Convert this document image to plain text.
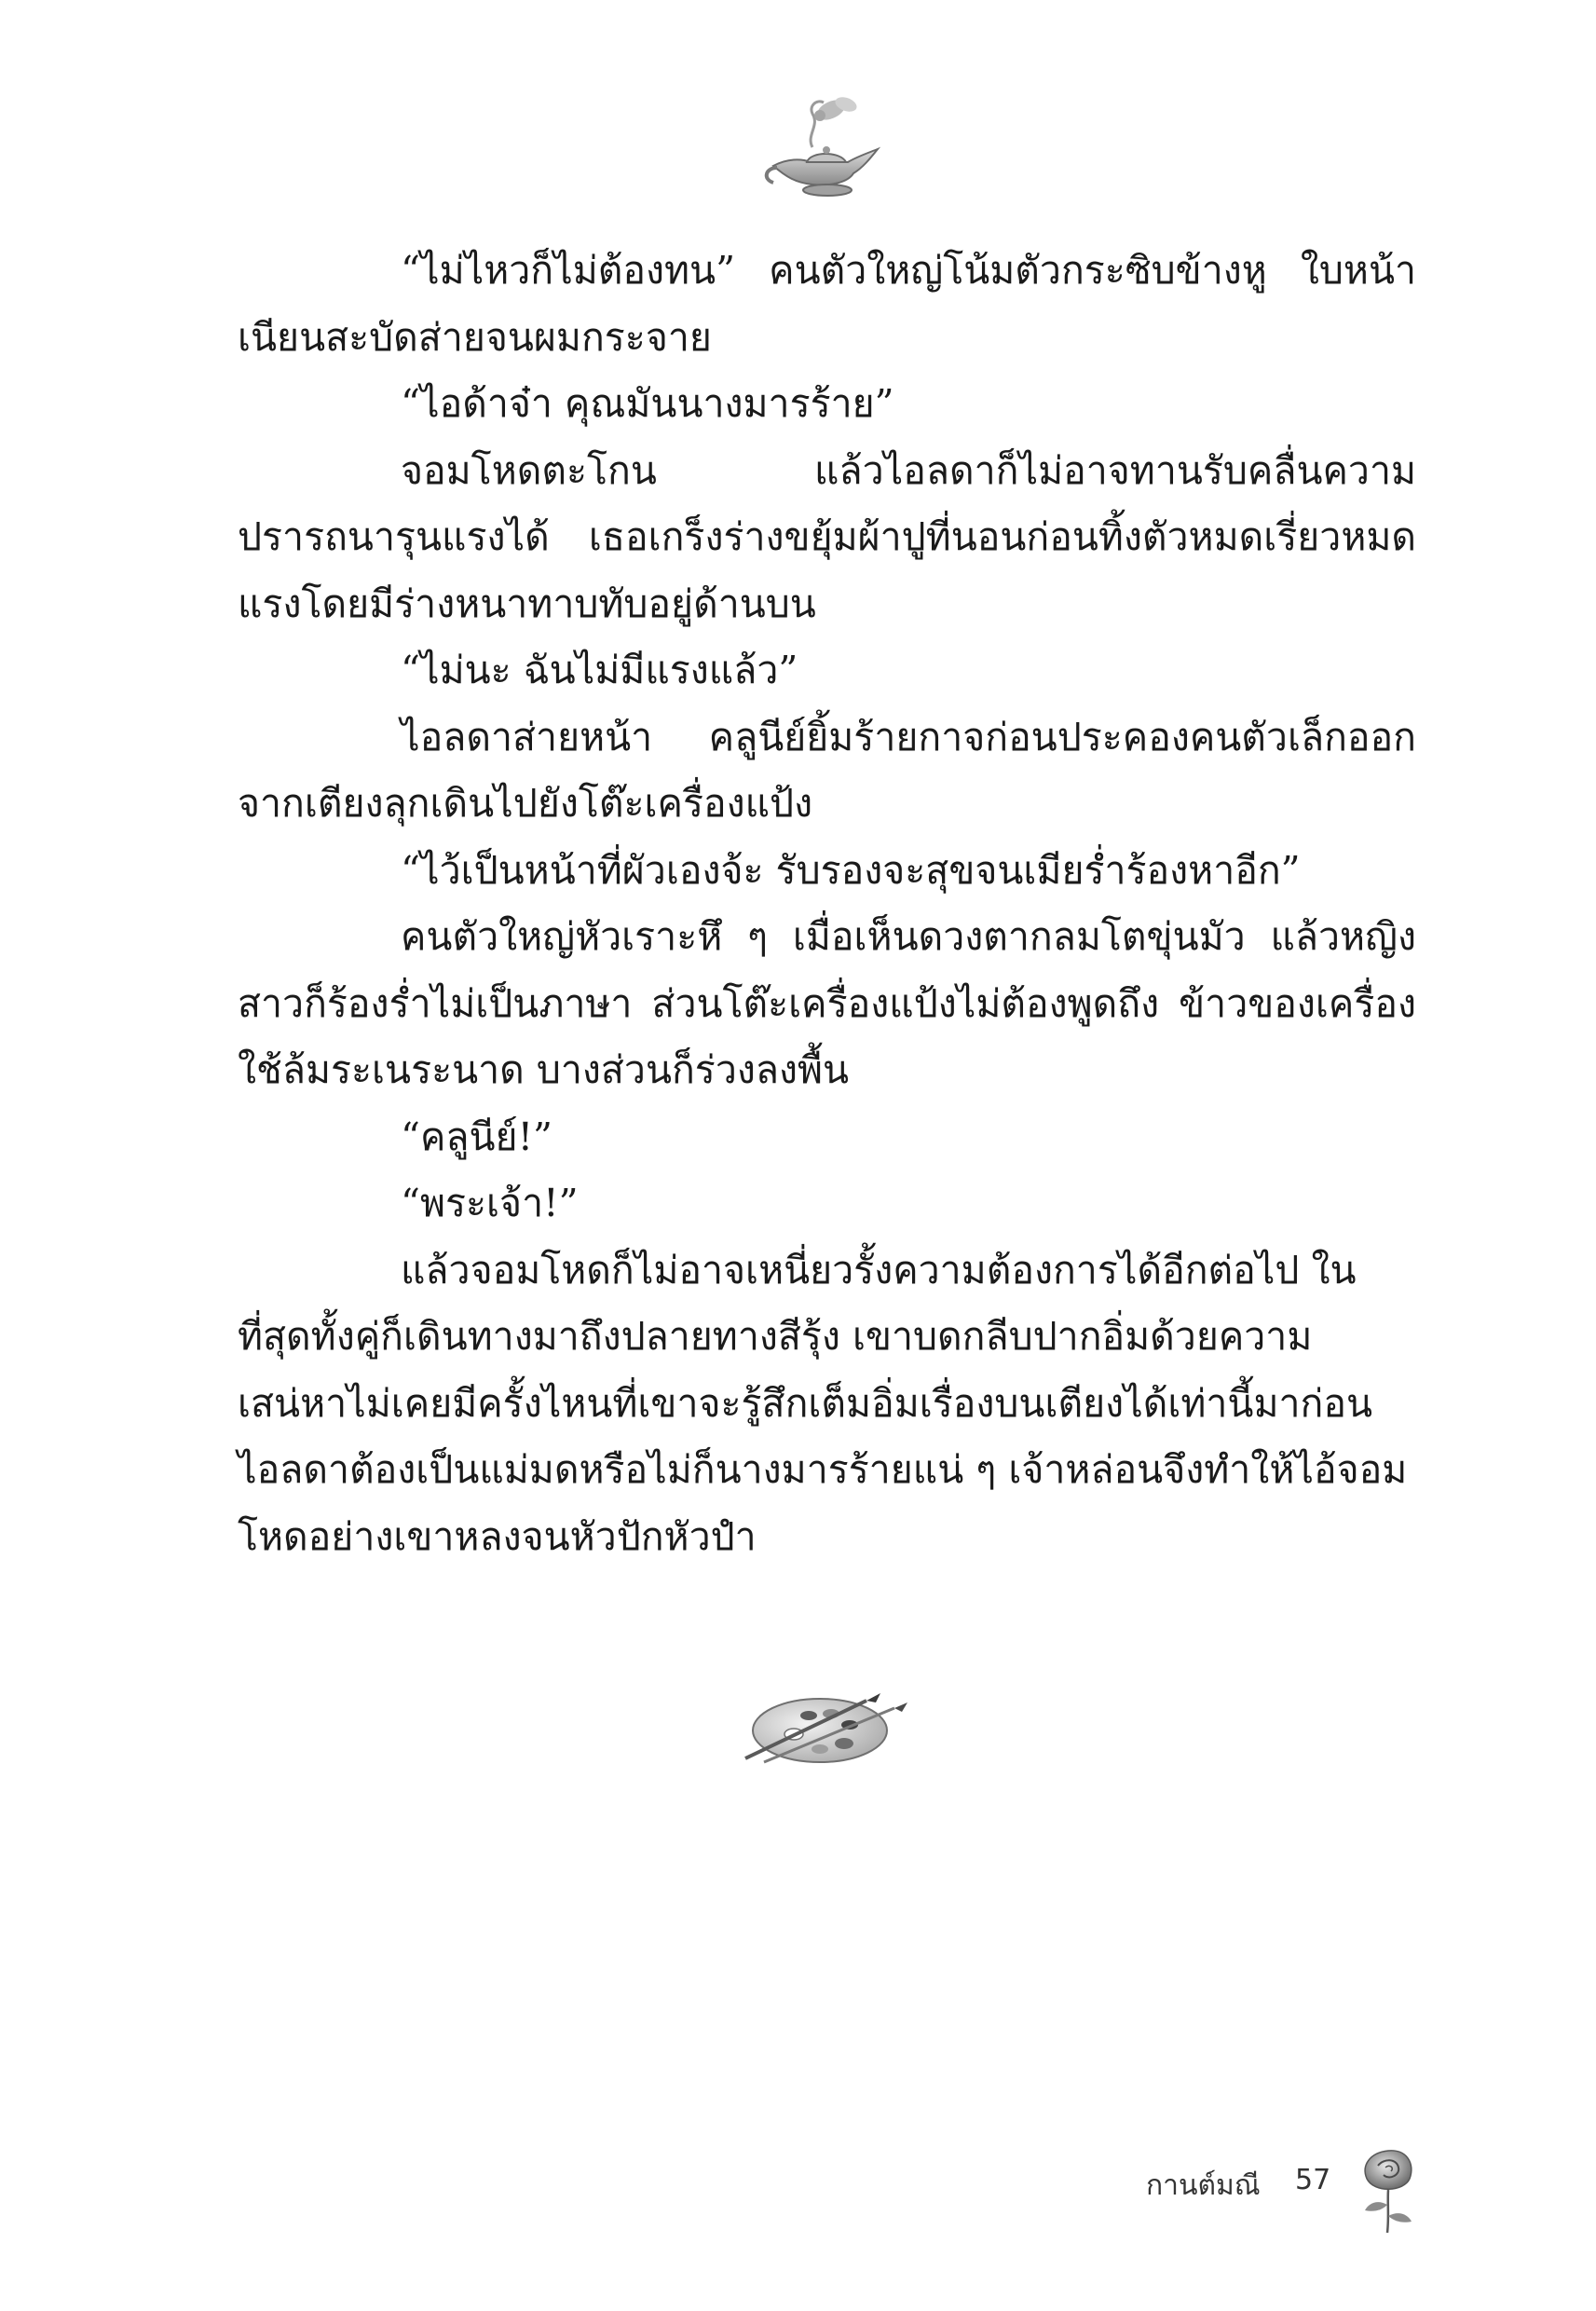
“ไม่ไหวก็ไม่ต้องทน” คนตัวใหญ่โน้มตัวกระซิบข้างหู ใบหน้าเนียนสะบัดส่ายจนผมกระจาย

“ไอด้าจ๋า คุณมันนางมารร้าย”

จอมโหดตะโกน แล้วไอลดาก็ไม่อาจทานรับคลื่นความปรารถนารุนแรงได้ เธอเกร็งร่างขยุ้มผ้าปูที่นอนก่อนทิ้งตัวหมดเรี่ยวหมดแรงโดยมีร่างหนาทาบทับอยู่ด้านบน

“ไม่นะ ฉันไม่มีแรงแล้ว”

ไอลดาส่ายหน้า คลูนีย์ยิ้มร้ายกาจก่อนประคองคนตัวเล็กออกจากเตียงลุกเดินไปยังโต๊ะเครื่องแป้ง

“ไว้เป็นหน้าที่ผัวเองจ้ะ รับรองจะสุขจนเมียร่ำร้องหาอีก”

คนตัวใหญ่หัวเราะหึ ๆ เมื่อเห็นดวงตากลมโตขุ่นมัว แล้วหญิงสาวก็ร้องร่ำไม่เป็นภาษา ส่วนโต๊ะเครื่องแป้งไม่ต้องพูดถึง ข้าวของเครื่องใช้ล้มระเนระนาด บางส่วนก็ร่วงลงพื้น

“คลูนีย์!”

“พระเจ้า!”

แล้วจอมโหดก็ไม่อาจเหนี่ยวรั้งความต้องการได้อีกต่อไป ในที่สุดทั้งคู่ก็เดินทางมาถึงปลายทางสีรุ้ง เขาบดกลีบปากอิ่มด้วยความเสน่หาไม่เคยมีครั้งไหนที่เขาจะรู้สึกเต็มอิ่มเรื่องบนเตียงได้เท่านี้มาก่อน ไอลดาต้องเป็นแม่มดหรือไม่ก็นางมารร้ายแน่ ๆ เจ้าหล่อนจึงทำให้ไอ้จอมโหดอย่างเขาหลงจนหัวปักหัวปำ

กานต์มณี 57
